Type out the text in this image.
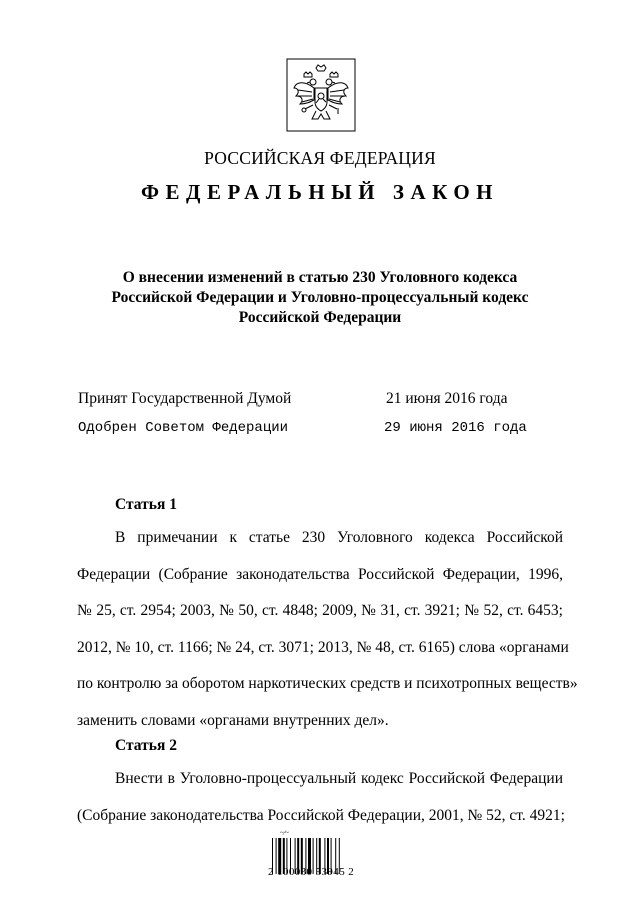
РОССИЙСКАЯ ФЕДЕРАЦИЯ
ФЕДЕРАЛЬНЫЙ ЗАКОН
О внесении изменений в статью 230 Уголовного кодекса
Российской Федерации и Уголовно-процессуальный кодекс
Российской Федерации
Принят Государственной Думой	21 июня 2016 года
Одобрен Советом Федерации	29 июня 2016 года
Статья 1
В примечании к статье 230 Уголовного кодекса Российской
Федерации (Собрание законодательства Российской Федерации, 1996,
№ 25, ст. 2954; 2003, № 50, ст. 4848; 2009, № 31, ст. 3921; № 52, ст. 6453;
2012, № 10, ст. 1166; № 24, ст. 3071; 2013, № 48, ст. 6165) слова «органами
по контролю за оборотом наркотических средств и психотропных веществ»
заменить словами «органами внутренних дел».
Статья 2
Внести в Уголовно-процессуальный кодекс Российской Федерации
(Собрание законодательства Российской Федерации, 2001, № 52, ст. 4921;
~∕~
2 100030 53945 2
